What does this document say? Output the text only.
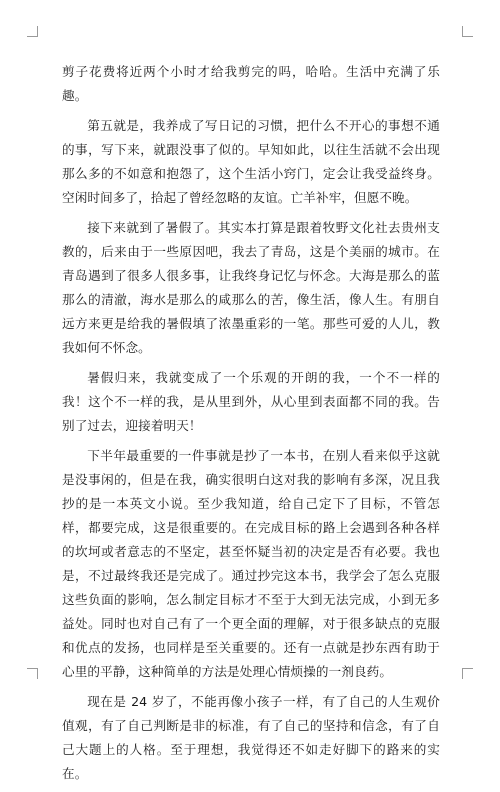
剪子花费将近两个小时才给我剪完的吗，哈哈。生活中充满了乐趣。

第五就是，我养成了写日记的习惯，把什么不开心的事想不通的事，写下来，就跟没事了似的。早知如此，以往生活就不会出现那么多的不如意和抱怨了，这个生活小窍门，定会让我受益终身。空闲时间多了，拾起了曾经忽略的友谊。亡羊补牢，但愿不晚。

接下来就到了暑假了。其实本打算是跟着牧野文化社去贵州支教的，后来由于一些原因吧，我去了青岛，这是个美丽的城市。在青岛遇到了很多人很多事，让我终身记忆与怀念。大海是那么的蓝那么的清澈，海水是那么的咸那么的苦，像生活，像人生。有朋自远方来更是给我的暑假填了浓墨重彩的一笔。那些可爱的人儿，教我如何不怀念。

暑假归来，我就变成了一个乐观的开朗的我，一个不一样的我！这个不一样的我，是从里到外，从心里到表面都不同的我。告别了过去，迎接着明天！

下半年最重要的一件事就是抄了一本书，在别人看来似乎这就是没事闲的，但是在我，确实很明白这对我的影响有多深，况且我抄的是一本英文小说。至少我知道，给自己定下了目标，不管怎样，都要完成，这是很重要的。在完成目标的路上会遇到各种各样的坎坷或者意志的不坚定，甚至怀疑当初的决定是否有必要。我也是，不过最终我还是完成了。通过抄完这本书，我学会了怎么克服这些负面的影响，怎么制定目标才不至于大到无法完成，小到无多益处。同时也对自己有了一个更全面的理解，对于很多缺点的克服和优点的发扬，也同样是至关重要的。还有一点就是抄东西有助于心里的平静，这种简单的方法是处理心情烦操的一剂良药。

现在是 24 岁了，不能再像小孩子一样，有了自己的人生观价值观，有了自己判断是非的标准，有了自己的坚持和信念，有了自己大题上的人格。至于理想，我觉得还不如走好脚下的路来的实在。
